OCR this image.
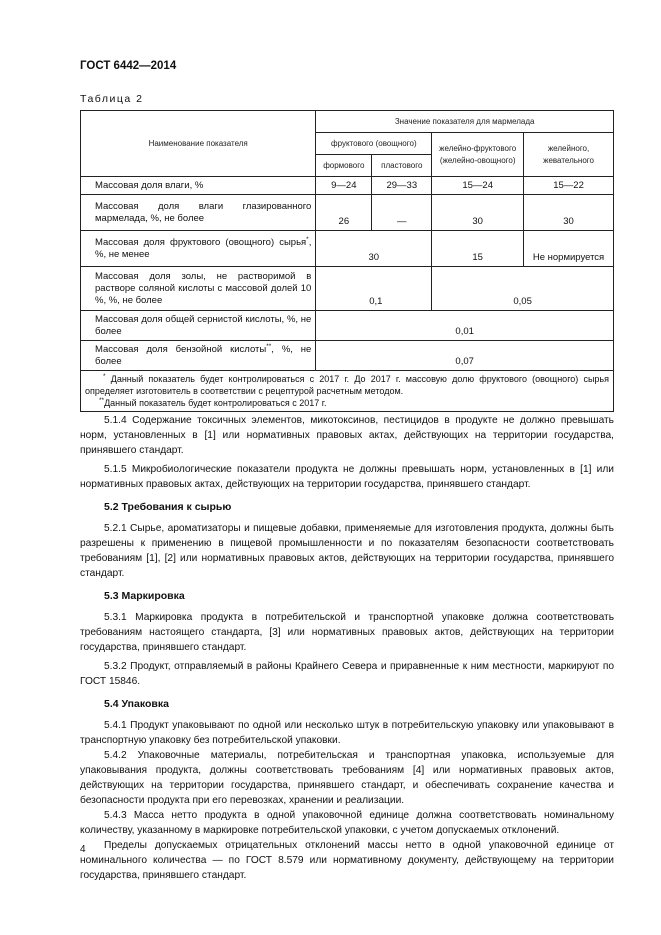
ГОСТ 6442—2014
Таблица 2
Наименование показателя	Значение показателя для мармелада			
	фруктового (овощного)		желейно-фруктового (желейно-овощного)	желейного, жевательного
	формового	пластового		
Массовая доля влаги, %	9—24	29—33	15—24	15—22
Массовая доля влаги глазированного мармелада, %, не более	26	—	30	30
Массовая доля фруктового (овощного) сырья*, %, не менее	30		15	Не нормируется
Массовая доля золы, не растворимой в растворе соляной кислоты с массовой долей 10 %, %, не более	0,1		0,05	
Массовая доля общей сернистой кислоты, %, не более	0,01			
Массовая доля бензойной кислоты**, %, не более	0,07			

* Данный показатель будет контролироваться с 2017 г. До 2017 г. массовую долю фруктового (овощного) сырья определяет изготовитель в соответствии с рецептурой расчетным методом.

**Данный показатель будет контролироваться с 2017 г.				

5.1.4 Содержание токсичных элементов, микотоксинов, пестицидов в продукте не должно превышать норм, установленных в [1] или нормативных правовых актах, действующих на территории государства, принявшего стандарт.

5.1.5 Микробиологические показатели продукта не должны превышать норм, установленных в [1] или нормативных правовых актах, действующих на территории государства, принявшего стандарт.

5.2 Требования к сырью

5.2.1 Сырье, ароматизаторы и пищевые добавки, применяемые для изготовления продукта, должны быть разрешены к применению в пищевой промышленности и по показателям безопасности соответствовать требованиям [1], [2] или нормативных правовых актов, действующих на территории государства, принявшего стандарт.

5.3 Маркировка

5.3.1 Маркировка продукта в потребительской и транспортной упаковке должна соответствовать требованиям настоящего стандарта, [3] или нормативных правовых актов, действующих на территории государства, принявшего стандарт.

5.3.2 Продукт, отправляемый в районы Крайнего Севера и приравненные к ним местности, маркируют по ГОСТ 15846.

5.4 Упаковка

5.4.1 Продукт упаковывают по одной или несколько штук в потребительскую упаковку или упаковывают в транспортную упаковку без потребительской упаковки.

5.4.2 Упаковочные материалы, потребительская и транспортная упаковка, используемые для упаковывания продукта, должны соответствовать требованиям [4] или нормативных правовых актов, действующих на территории государства, принявшего стандарт, и обеспечивать сохранение качества и безопасности продукта при его перевозках, хранении и реализации.

5.4.3 Масса нетто продукта в одной упаковочной единице должна соответствовать номинальному количеству, указанному в маркировке потребительской упаковки, с учетом допускаемых отклонений.

Пределы допускаемых отрицательных отклонений массы нетто в одной упаковочной единице от номинального количества — по ГОСТ 8.579 или нормативному документу, действующему на территории государства, принявшего стандарт.

4
